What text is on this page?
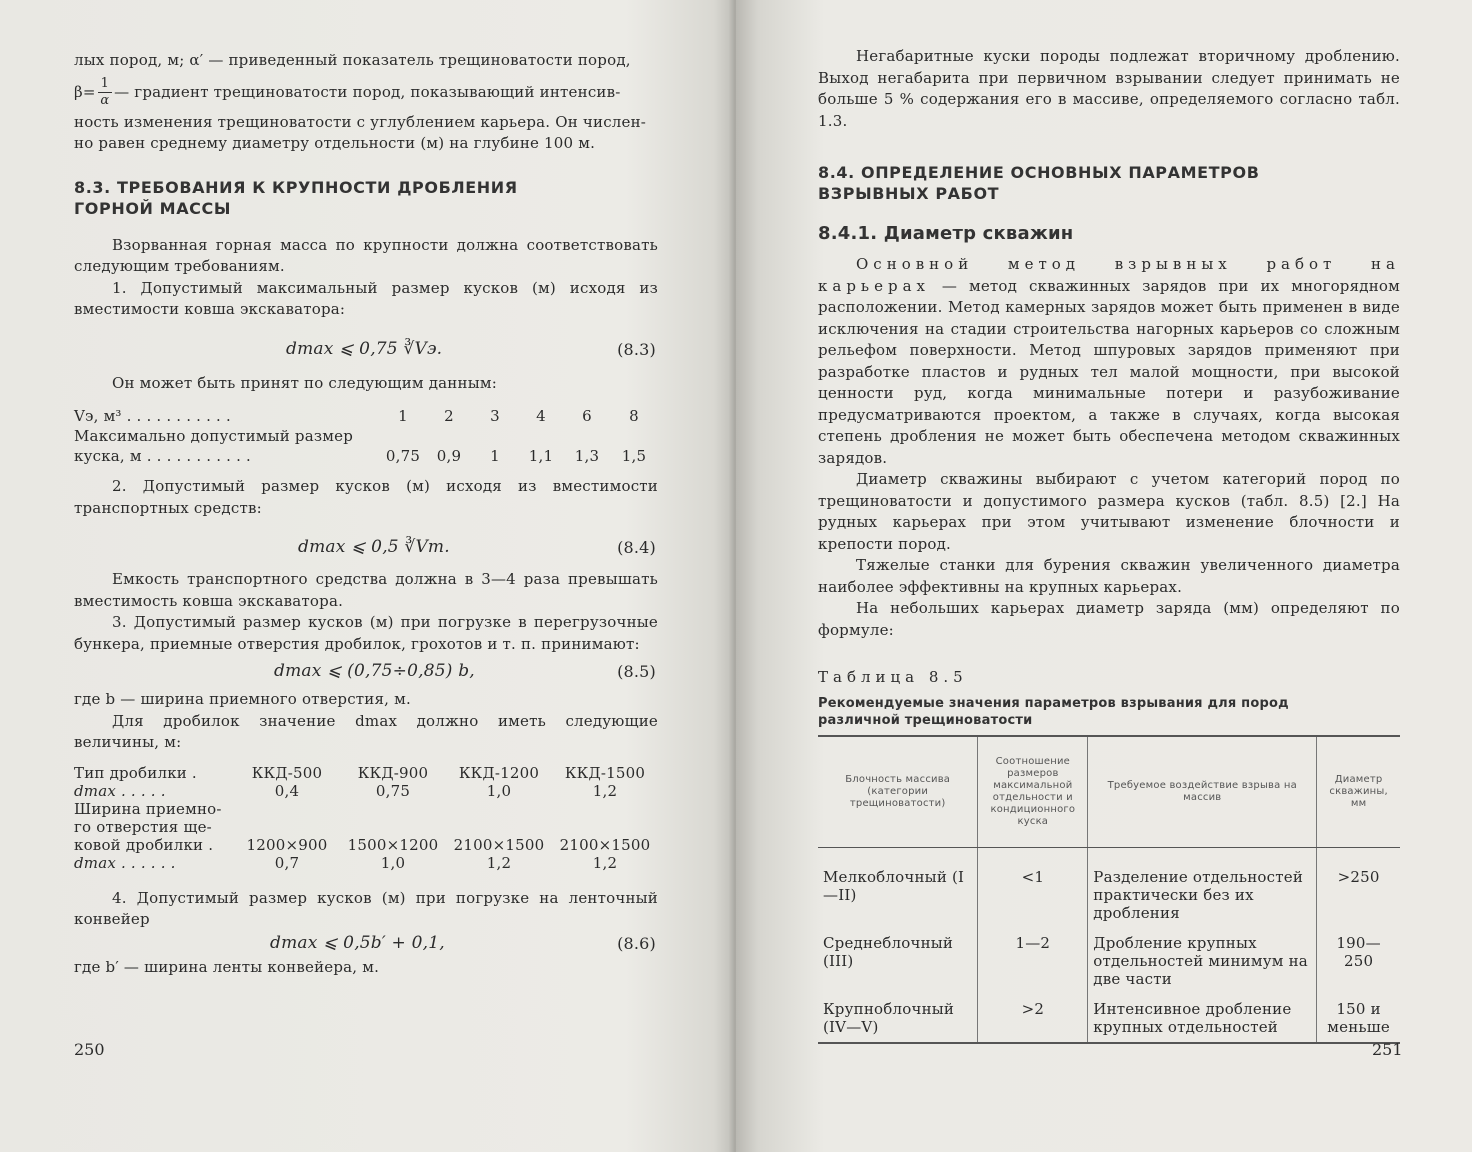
лых пород, м; α′ — приведенный показатель трещиноватости пород,

$\beta= \frac{1}{\alpha}$ — градиент трещиноватости пород, показывающий интенсив-

ность изменения трещиноватости с углублением карьера. Он числен-

но равен среднему диаметру отдельности (м) на глубине 100 м.

8.3. ТРЕБОВАНИЯ К КРУПНОСТИ ДРОБЛЕНИЯ
ГОРНОЙ МАССЫ

Взорванная горная масса по крупности должна соответствовать следующим требованиям.

1. Допустимый максимальный размер кусков (м) исходя из вместимости ковша экскаватора:

dmax ⩽ 0,75 ∛Vэ.	(8.3)

Он может быть принят по следующим данным:

Vэ, м³ . . . . . . . . . . .	1	2	3	4	6	8
Максимально допустимый размер
куска, м . . . . . . . . . . .	0,75	0,9	1	1,1	1,3	1,5

2. Допустимый размер кусков (м) исходя из вместимости транспортных средств:

dmax ⩽ 0,5 ∛Vт.	(8.4)

Емкость транспортного средства должна в 3—4 раза превышать вместимость ковша экскаватора.

3. Допустимый размер кусков (м) при погрузке в перегрузочные бункера, приемные отверстия дробилок, грохотов и т. п. принимают:

dmax ⩽ (0,75÷0,85) b,	(8.5)

где b — ширина приемного отверстия, м.

Для дробилок значение dmax должно иметь следующие величины, м:

Тип дробилки .	ККД-500	ККД-900	ККД-1200	ККД-1500
dmax . . . . .	0,4	0,75	1,0	1,2
Ширина приемно-
го отверстия ще-
ковой дробилки .	1200×900	1500×1200	2100×1500	2100×1500
dmax . . . . . .	0,7	1,0	1,2	1,2

4. Допустимый размер кусков (м) при погрузке на ленточный конвейер

dmax ⩽ 0,5b′ + 0,1,	(8.6)

где b′ — ширина ленты конвейера, м.

250

Негабаритные куски породы подлежат вторичному дроблению. Выход негабарита при первичном взрывании следует принимать не больше 5 % содержания его в массиве, определяемого согласно табл. 1.3.

8.4. ОПРЕДЕЛЕНИЕ ОСНОВНЫХ ПАРАМЕТРОВ
ВЗРЫВНЫХ РАБОТ
8.4.1. Диаметр скважин

Основной метод взрывных работ на карьерах — метод скважинных зарядов при их многорядном расположении. Метод камерных зарядов может быть применен в виде исключения на стадии строительства нагорных карьеров со сложным рельефом поверхности. Метод шпуровых зарядов применяют при разработке пластов и рудных тел малой мощности, при высокой ценности руд, когда минимальные потери и разубоживание предусматриваются проектом, а также в случаях, когда высокая степень дробления не может быть обеспечена методом скважинных зарядов.

Диаметр скважины выбирают с учетом категорий пород по трещиноватости и допустимого размера кусков (табл. 8.5) [2.] На рудных карьерах при этом учитывают изменение блочности и крепости пород.

Тяжелые станки для бурения скважин увеличенного диаметра наиболее эффективны на крупных карьерах.

На небольших карьерах диаметр заряда (мм) определяют по формуле:

Таблица 8.5
Рекомендуемые значения параметров взрывания для пород
различной трещиноватости
Блочность массива (категории трещиноватости)	Соотношение размеров максимальной отдельности и кондиционного куска	Требуемое воздействие взрыва на массив	Диаметр скважины, мм
Мелкоблочный (I—II)	<1	Разделение отдельностей практически без их дробления	>250
Среднеблочный (III)	1—2	Дробление крупных отдельностей минимум на две части	190—250
Крупноблочный (IV—V)	>2	Интенсивное дробление крупных отдельностей	150 и меньше
251
